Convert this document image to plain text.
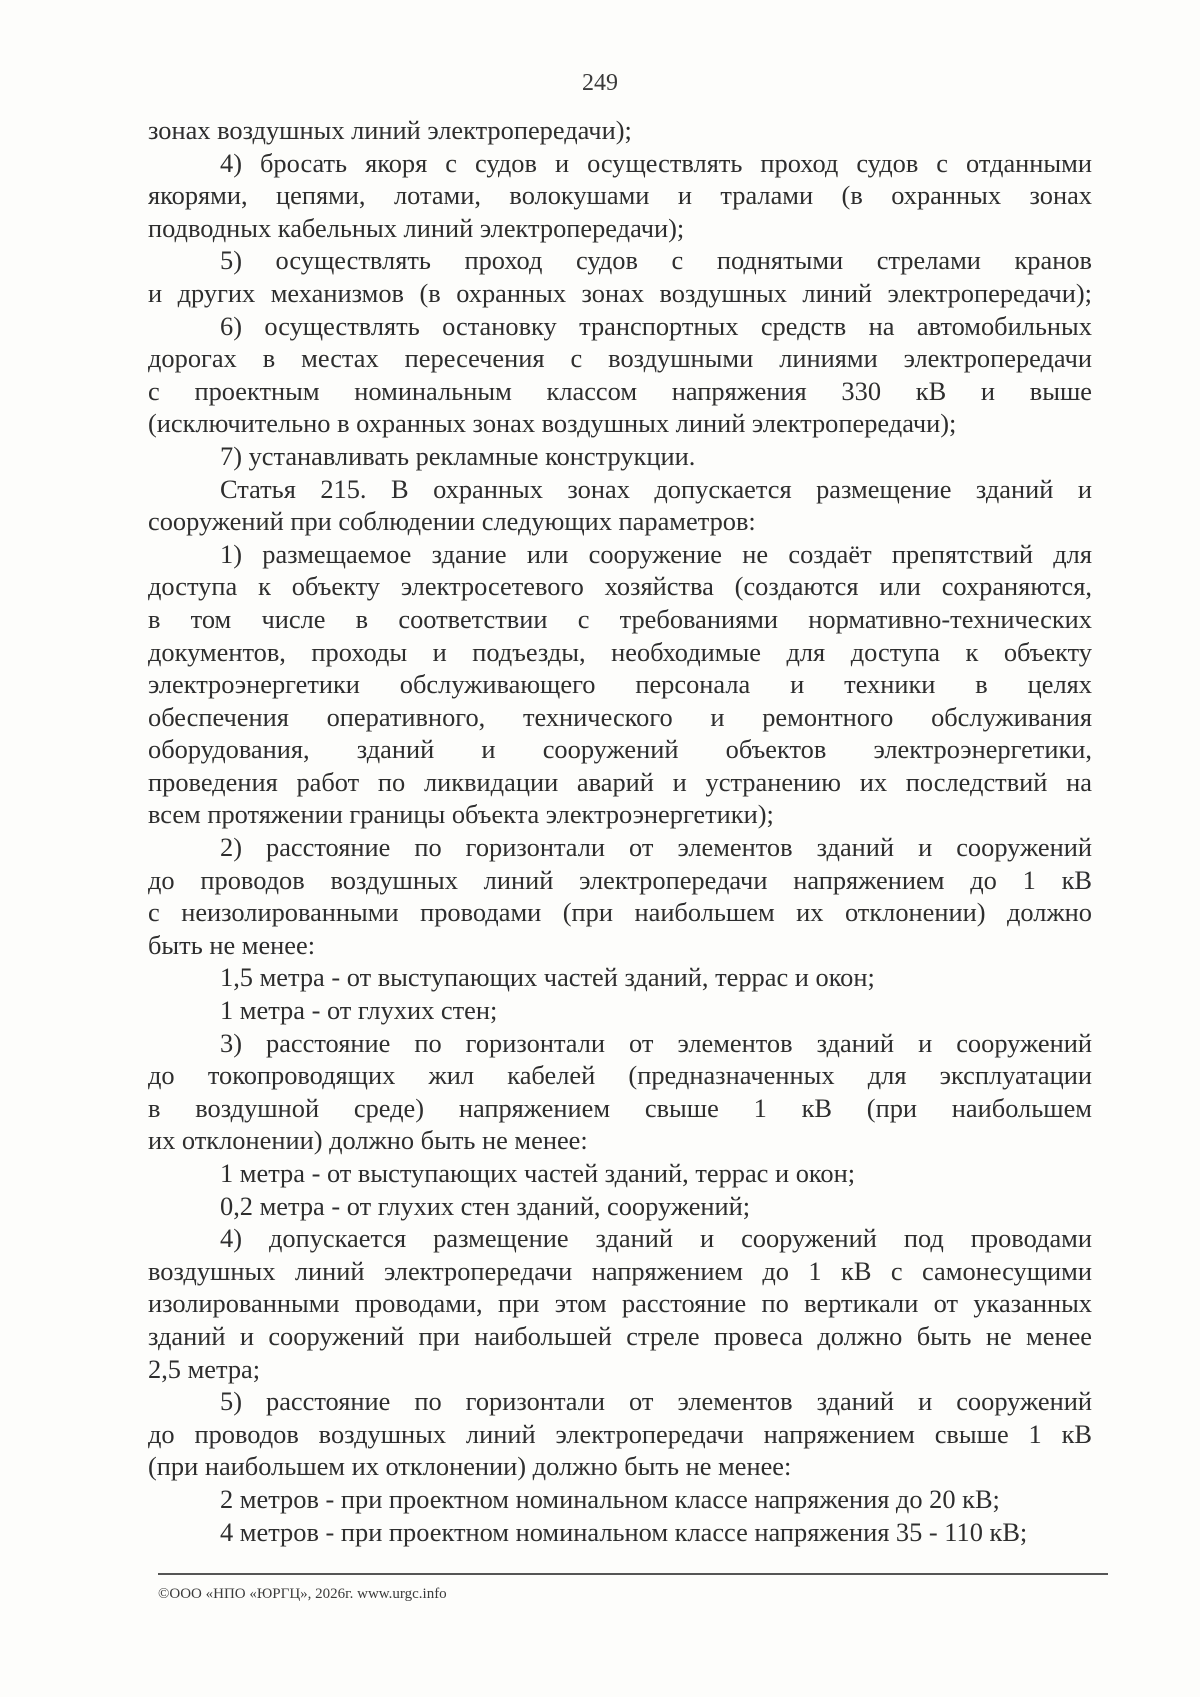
249
зонах воздушных линий электропередачи);
4) бросать якоря с судов и осуществлять проход судов с отданными
якорями, цепями, лотами, волокушами и тралами (в охранных зонах
подводных кабельных линий электропередачи);
5) осуществлять проход судов с поднятыми стрелами кранов
и других механизмов (в охранных зонах воздушных линий электропередачи);
6) осуществлять остановку транспортных средств на автомобильных
дорогах в местах пересечения с воздушными линиями электропередачи
с проектным номинальным классом напряжения 330 кВ и выше
(исключительно в охранных зонах воздушных линий электропередачи);
7) устанавливать рекламные конструкции.
Статья 215. В охранных зонах допускается размещение зданий и
сооружений при соблюдении следующих параметров:
1) размещаемое здание или сооружение не создаёт препятствий для
доступа к объекту электросетевого хозяйства (создаются или сохраняются,
в том числе в соответствии с требованиями нормативно-технических
документов, проходы и подъезды, необходимые для доступа к объекту
электроэнергетики обслуживающего персонала и техники в целях
обеспечения оперативного, технического и ремонтного обслуживания
оборудования, зданий и сооружений объектов электроэнергетики,
проведения работ по ликвидации аварий и устранению их последствий на
всем протяжении границы объекта электроэнергетики);
2) расстояние по горизонтали от элементов зданий и сооружений
до проводов воздушных линий электропередачи напряжением до 1 кВ
с неизолированными проводами (при наибольшем их отклонении) должно
быть не менее:
1,5 метра - от выступающих частей зданий, террас и окон;
1 метра - от глухих стен;
3) расстояние по горизонтали от элементов зданий и сооружений
до токопроводящих жил кабелей (предназначенных для эксплуатации
в воздушной среде) напряжением свыше 1 кВ (при наибольшем
их отклонении) должно быть не менее:
1 метра - от выступающих частей зданий, террас и окон;
0,2 метра - от глухих стен зданий, сооружений;
4) допускается размещение зданий и сооружений под проводами
воздушных линий электропередачи напряжением до 1 кВ с самонесущими
изолированными проводами, при этом расстояние по вертикали от указанных
зданий и сооружений при наибольшей стреле провеса должно быть не менее
2,5 метра;
5) расстояние по горизонтали от элементов зданий и сооружений
до проводов воздушных линий электропередачи напряжением свыше 1 кВ
(при наибольшем их отклонении) должно быть не менее:
2 метров - при проектном номинальном классе напряжения до 20 кВ;
4 метров - при проектном номинальном классе напряжения 35 - 110 кВ;
©ООО «НПО «ЮРГЦ», 2026г. www.urgc.info
